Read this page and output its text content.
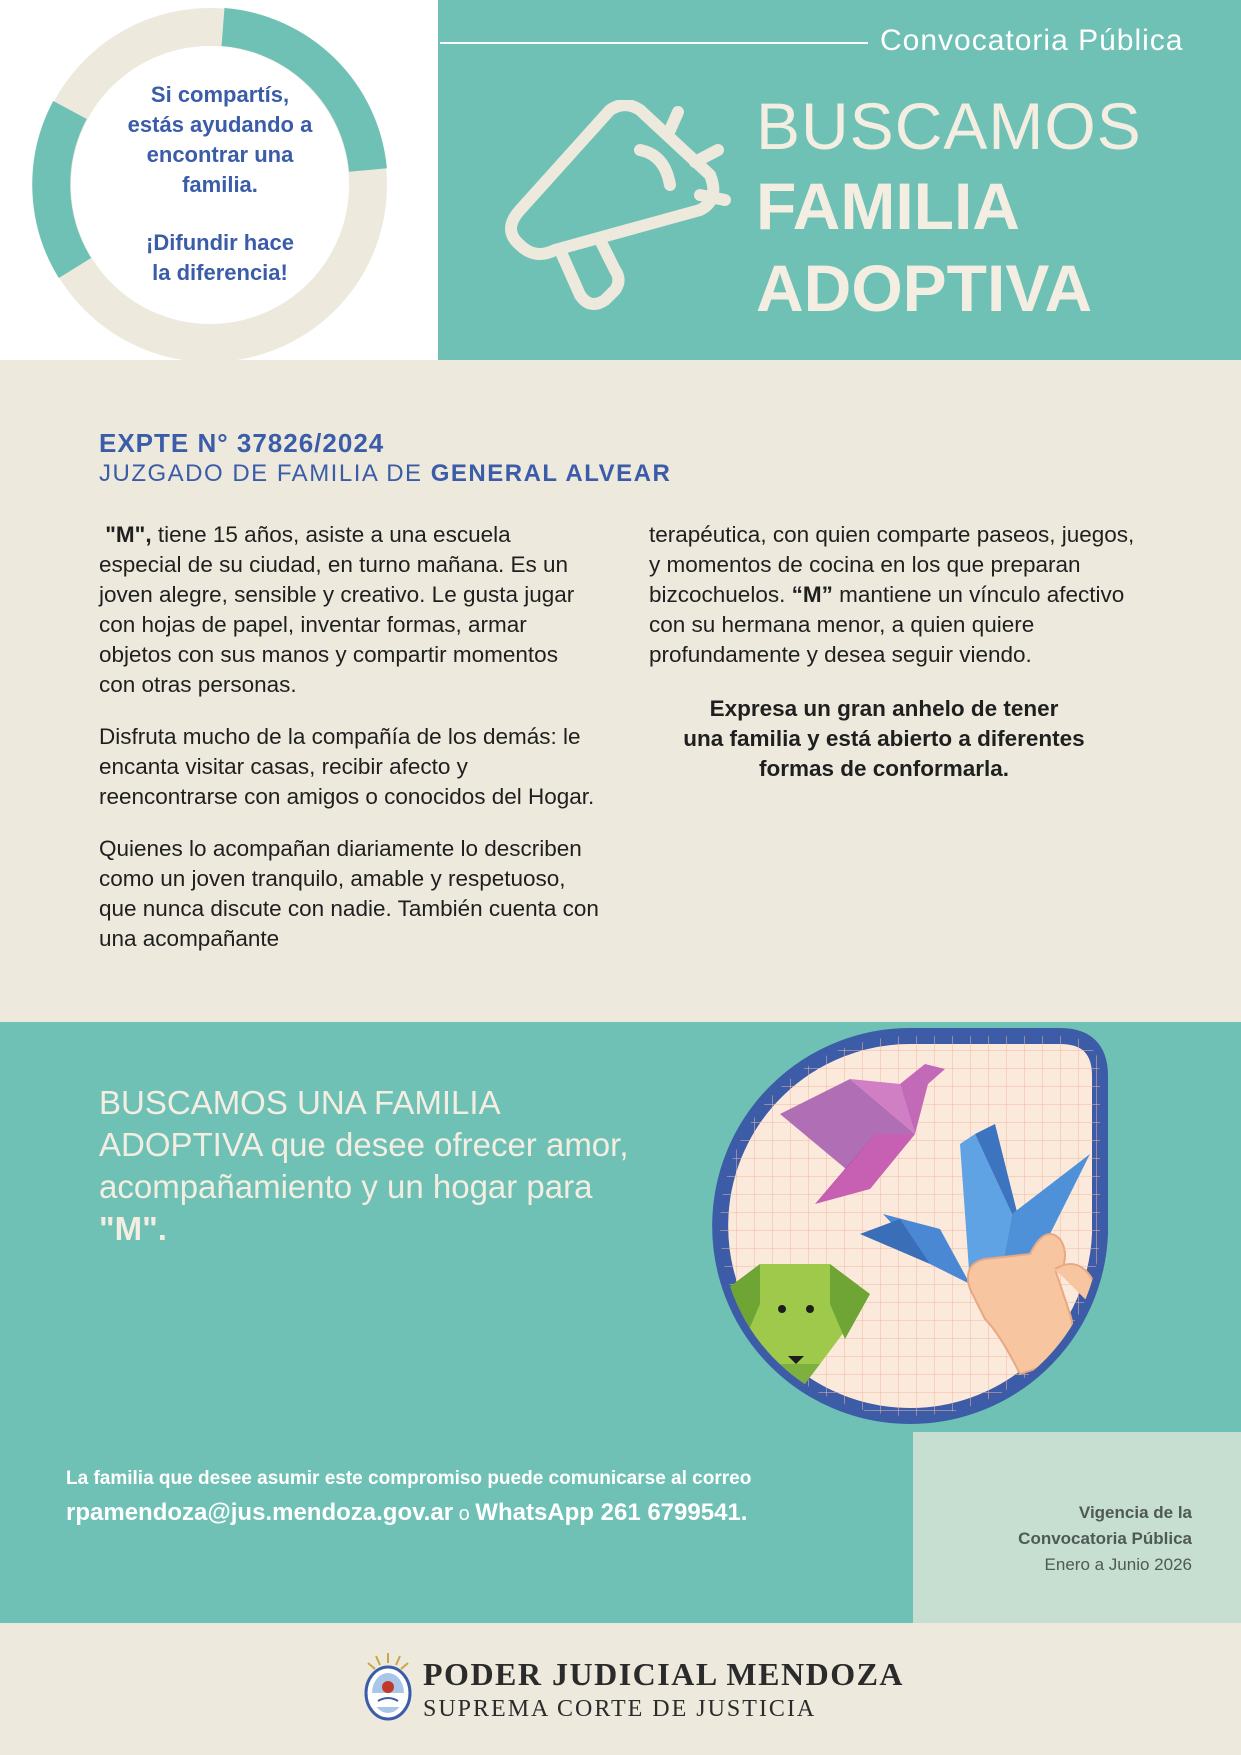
Si compartís,
estás ayudando a
encontrar una
familia.

¡Difundir hace
la diferencia!

Convocatoria Pública
BUSCAMOS
FAMILIA
ADOPTIVA
EXPTE N° 37826/2024
JUZGADO DE FAMILIA DE GENERAL ALVEAR

"M", tiene 15 años, asiste a una escuela especial de su ciudad, en turno mañana. Es un joven alegre, sensible y creativo. Le gusta jugar con hojas de papel, inventar formas, armar objetos con sus manos y compartir momentos con otras personas.

Disfruta mucho de la compañía de los demás: le encanta visitar casas, recibir afecto y reencontrarse con amigos o conocidos del Hogar.

Quienes lo acompañan diariamente lo describen como un joven tranquilo, amable y respetuoso, que nunca discute con nadie. También cuenta con una acompañante

terapéutica, con quien comparte paseos, juegos, y momentos de cocina en los que preparan bizcochuelos. “M” mantiene un vínculo afectivo con su hermana menor, a quien quiere profundamente y desea seguir viendo.

Expresa un gran anhelo de tener
una familia y está abierto a diferentes
formas de conformarla.
BUSCAMOS UNA FAMILIA
ADOPTIVA que desee ofrecer amor,
acompañamiento y un hogar para
"M".
La familia que desee asumir este compromiso puede comunicarse al correo
rpamendoza@jus.mendoza.gov.ar o WhatsApp 261 6799541.	Vigencia de la
Convocatoria Pública
Enero a Junio 2026
PODER JUDICIAL MENDOZA
SUPREMA CORTE DE JUSTICIA
